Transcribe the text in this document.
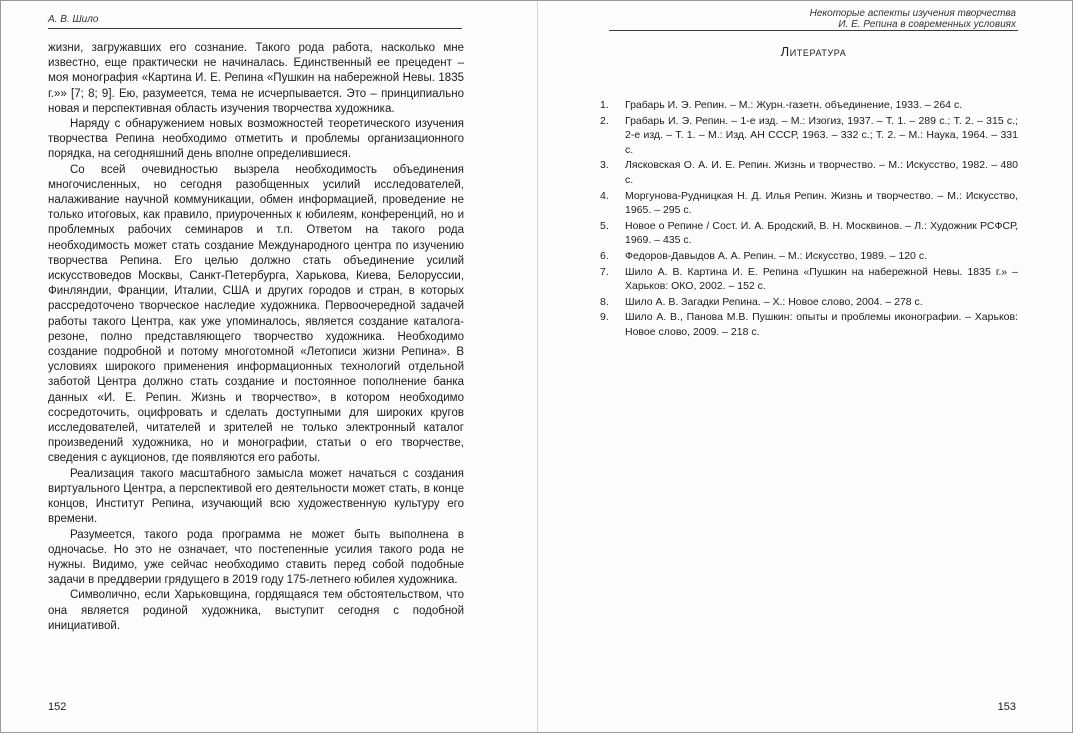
А. В. Шило

жизни, загружавших его сознание. Такого рода работа, насколько мне известно, еще практически не начиналась. Единственный ее прецедент – моя монография «Картина И. Е. Репина «Пушкин на набережной Невы. 1835 г.»» [7; 8; 9]. Ею, разумеется, тема не исчерпывается. Это – принципиально новая и перспективная область изучения творчества художника.

Наряду с обнаружением новых возможностей теоретического изучения творчества Репина необходимо отметить и проблемы организационного порядка, на сегодняшний день вполне определившиеся.

Со всей очевидностью вызрела необходимость объединения многочисленных, но сегодня разобщенных усилий исследователей, налаживание научной коммуникации, обмен информацией, проведение не только итоговых, как правило, приуроченных к юбилеям, конференций, но и проблемных рабочих семинаров и т.п. Ответом на такого рода необходимость может стать создание Международного центра по изучению творчества Репина. Его целью должно стать объединение усилий искусствоведов Москвы, Санкт-Петербурга, Харькова, Киева, Белоруссии, Финляндии, Франции, Италии, США и других городов и стран, в которых рассредоточено творческое наследие художника. Первоочередной задачей работы такого Центра, как уже упоминалось, является создание каталога-резоне, полно представляющего творчество художника. Необходимо создание подробной и потому многотомной «Летописи жизни Репина». В условиях широкого применения информационных технологий отдельной заботой Центра должно стать создание и постоянное пополнение банка данных «И. Е. Репин. Жизнь и творчество», в котором необходимо сосредоточить, оцифровать и сделать доступными для широких кругов исследователей, читателей и зрителей не только электронный каталог произведений художника, но и монографии, статьи о его творчестве, сведения с аукционов, где появляются его работы.

Реализация такого масштабного замысла может начаться с создания виртуального Центра, а перспективой его деятельности может стать, в конце концов, Институт Репина, изучающий всю художественную культуру его времени.

Разумеется, такого рода программа не может быть выполнена в одночасье. Но это не означает, что постепенные усилия такого рода не нужны. Видимо, уже сейчас необходимо ставить перед собой подобные задачи в преддверии грядущего в 2019 году 175-летнего юбилея художника.

Символично, если Харьковщина, гордящаяся тем обстоятельством, что она является родиной художника, выступит сегодня с подобной инициативой.

152
Некоторые аспекты изучения творчества
И. Е. Репина в современных условиях
Литература
1. Грабарь И. Э. Репин. – М.: Журн.-газетн. объединение, 1933. – 264 с.
2. Грабарь И. Э. Репин. – 1-е изд. – М.: Изогиз, 1937. – Т. 1. – 289 с.; Т. 2. – 315 с.; 2-е изд. – Т. 1. – М.: Изд. АН СССР, 1963. – 332 с.; Т. 2. – М.: Наука, 1964. – 331 с.
3. Лясковская О. А. И. Е. Репин. Жизнь и творчество. – М.: Искусство, 1982. – 480 с.
4. Моргунова-Рудницкая Н. Д. Илья Репин. Жизнь и творчество. – М.: Искусство, 1965. – 295 с.
5. Новое о Репине / Сост. И. А. Бродский, В. Н. Москвинов. – Л.: Художник РСФСР, 1969. – 435 с.
6. Федоров-Давыдов А. А. Репин. – М.: Искусство, 1989. – 120 с.
7. Шило А. В. Картина И. Е. Репина «Пушкин на набережной Невы. 1835 г.» – Харьков: ОКО, 2002. – 152 с.
8. Шило А. В. Загадки Репина. – Х.: Новое слово, 2004. – 278 с.
9. Шило А. В., Панова М.В. Пушкин: опыты и проблемы иконографии. – Харьков: Новое слово, 2009. – 218 с.
153
